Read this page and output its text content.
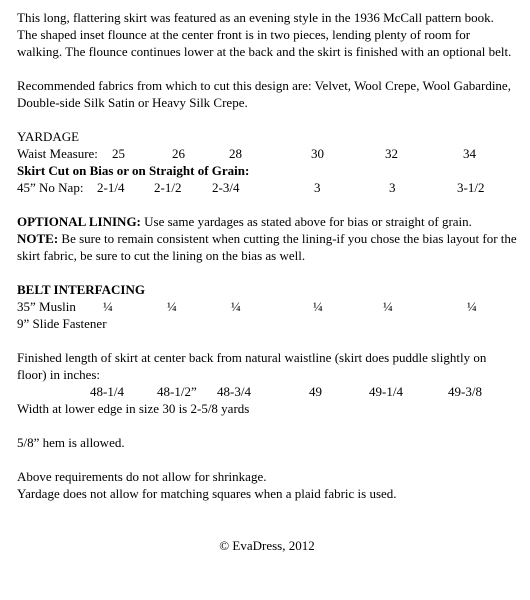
This long, flattering skirt was featured as an evening style in the 1936 McCall pattern book. The shaped inset flounce at the center front is in two pieces, lending plenty of room for walking. The flounce continues lower at the back and the skirt is finished with an optional belt.

Recommended fabrics from which to cut this design are: Velvet, Wool Crepe, Wool Gabardine, Double-side Silk Satin or Heavy Silk Crepe.

YARDAGE
Waist Measure: 25	26	28	30	32	34
Skirt Cut on Bias or on Straight of Grain:
45” No Nap: 2-1/4 2-1/2 2-3/4	3	3	3-1/2

OPTIONAL LINING: Use same yardages as stated above for bias or straight of grain.
NOTE: Be sure to remain consistent when cutting the lining-if you chose the bias layout for the skirt fabric, be sure to cut the lining on the bias as well.

BELT INTERFACING
35” Muslin ¼	¼	¼	¼	¼	¼
9” Slide Fastener

Finished length of skirt at center back from natural waistline (skirt does puddle slightly on floor) in inches:

48-1/4	48-1/2” 48-3/4	49	49-1/4	49-3/8

Width at lower edge in size 30 is 2-5/8 yards

5/8” hem is allowed.

Above requirements do not allow for shrinkage.

Yardage does not allow for matching squares when a plaid fabric is used.

© EvaDress, 2012
